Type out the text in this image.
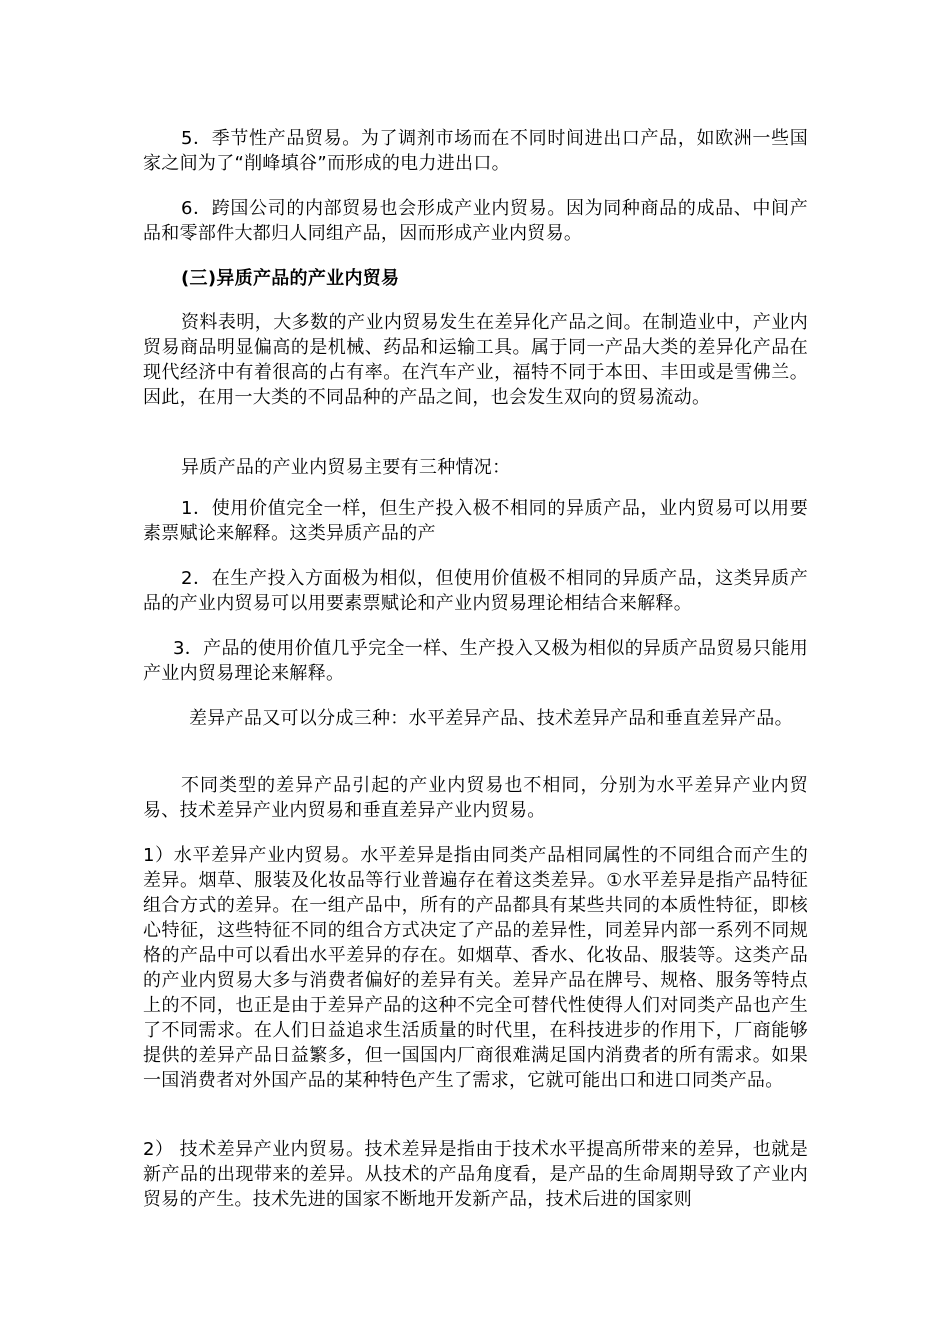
5．季节性产品贸易。为了调剂市场而在不同时间进出口产品，如欧洲一些国家之间为了“削峰填谷”而形成的电力进出口。

6．跨国公司的内部贸易也会形成产业内贸易。因为同种商品的成品、中间产品和零部件大都归人同组产品，因而形成产业内贸易。

(三)异质产品的产业内贸易

资料表明，大多数的产业内贸易发生在差异化产品之间。在制造业中，产业内贸易商品明显偏高的是机械、药品和运输工具。属于同一产品大类的差异化产品在现代经济中有着很高的占有率。在汽车产业，福特不同于本田、丰田或是雪佛兰。因此，在用一大类的不同品种的产品之间，也会发生双向的贸易流动。

异质产品的产业内贸易主要有三种情况：

1．使用价值完全一样，但生产投入极不相同的异质产品，业内贸易可以用要素票赋论来解释。这类异质产品的产

2．在生产投入方面极为相似，但使用价值极不相同的异质产品，这类异质产品的产业内贸易可以用要素票赋论和产业内贸易理论相结合来解释。

3．产品的使用价值几乎完全一样、生产投入又极为相似的异质产品贸易只能用产业内贸易理论来解释。

差异产品又可以分成三种：水平差异产品、技术差异产品和垂直差异产品。

不同类型的差异产品引起的产业内贸易也不相同，分别为水平差异产业内贸易、技术差异产业内贸易和垂直差异产业内贸易。

1）水平差异产业内贸易。水平差异是指由同类产品相同属性的不同组合而产生的差异。烟草、服装及化妆品等行业普遍存在着这类差异。①水平差异是指产品特征组合方式的差异。在一组产品中，所有的产品都具有某些共同的本质性特征，即核心特征，这些特征不同的组合方式决定了产品的差异性，同差异内部一系列不同规格的产品中可以看出水平差异的存在。如烟草、香水、化妆品、服装等。这类产品的产业内贸易大多与消费者偏好的差异有关。差异产品在牌号、规格、服务等特点上的不同，也正是由于差异产品的这种不完全可替代性使得人们对同类产品也产生了不同需求。在人们日益追求生活质量的时代里，在科技进步的作用下，厂商能够提供的差异产品日益繁多，但一国国内厂商很难满足国内消费者的所有需求。如果一国消费者对外国产品的某种特色产生了需求，它就可能出口和进口同类产品。

2） 技术差异产业内贸易。技术差异是指由于技术水平提高所带来的差异，也就是新产品的出现带来的差异。从技术的产品角度看，是产品的生命周期导致了产业内贸易的产生。技术先进的国家不断地开发新产品，技术后进的国家则
